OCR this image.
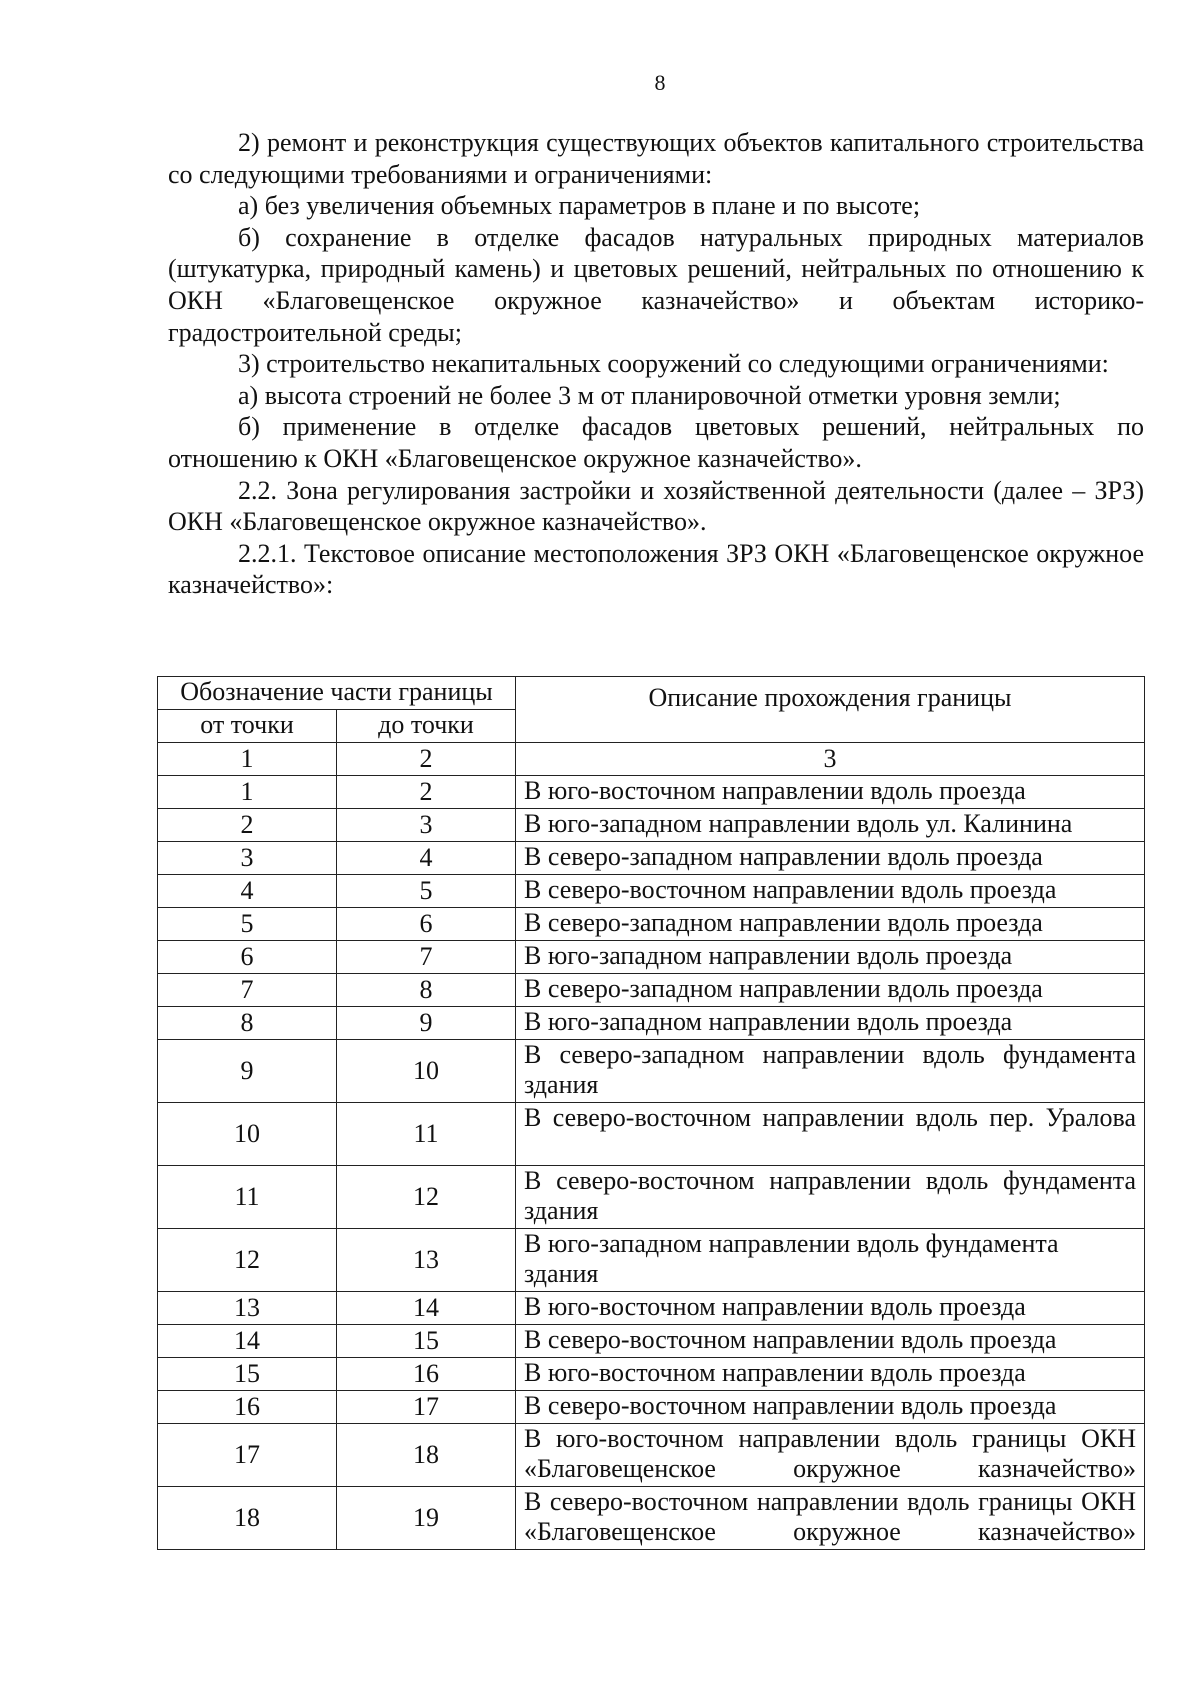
8

2) ремонт и реконструкция существующих объектов капитального строительства со следующими требованиями и ограничениями:

а) без увеличения объемных параметров в плане и по высоте;

б) сохранение в отделке фасадов натуральных природных материалов (штукатурка, природный камень) и цветовых решений, нейтральных по отношению к ОКН «Благовещенское окружное казначейство» и объектам историко-градостроительной среды;

3) строительство некапитальных сооружений со следующими ограничениями:

а) высота строений не более 3 м от планировочной отметки уровня земли;

б) применение в отделке фасадов цветовых решений, нейтральных по отношению к ОКН «Благовещенское окружное казначейство».

2.2. Зона регулирования застройки и хозяйственной деятельности (далее – ЗРЗ) ОКН «Благовещенское окружное казначейство».

2.2.1. Текстовое описание местоположения ЗРЗ ОКН «Благовещенское окружное казначейство»:

Обозначение части границы		Описание прохождения границы
от точки	до точки	
1	2	3
1	2	В юго-восточном направлении вдоль проезда
2	3	В юго-западном направлении вдоль ул. Калинина
3	4	В северо-западном направлении вдоль проезда
4	5	В северо-восточном направлении вдоль проезда
5	6	В северо-западном направлении вдоль проезда
6	7	В юго-западном направлении вдоль проезда
7	8	В северо-западном направлении вдоль проезда
8	9	В юго-западном направлении вдоль проезда
9	10	В северо-западном направлении вдоль фундамента здания
10	11	В северо-восточном направлении вдоль пер. Уралова
11	12	В северо-восточном направлении вдоль фундамента здания
12	13	В юго-западном направлении вдоль фундамента здания
13	14	В юго-восточном направлении вдоль проезда
14	15	В северо-восточном направлении вдоль проезда
15	16	В юго-восточном направлении вдоль проезда
16	17	В северо-восточном направлении вдоль проезда
17	18	В юго-восточном направлении вдоль границы ОКН «Благовещенское окружное казначейство»
18	19	В северо-восточном направлении вдоль границы ОКН «Благовещенское окружное казначейство»
